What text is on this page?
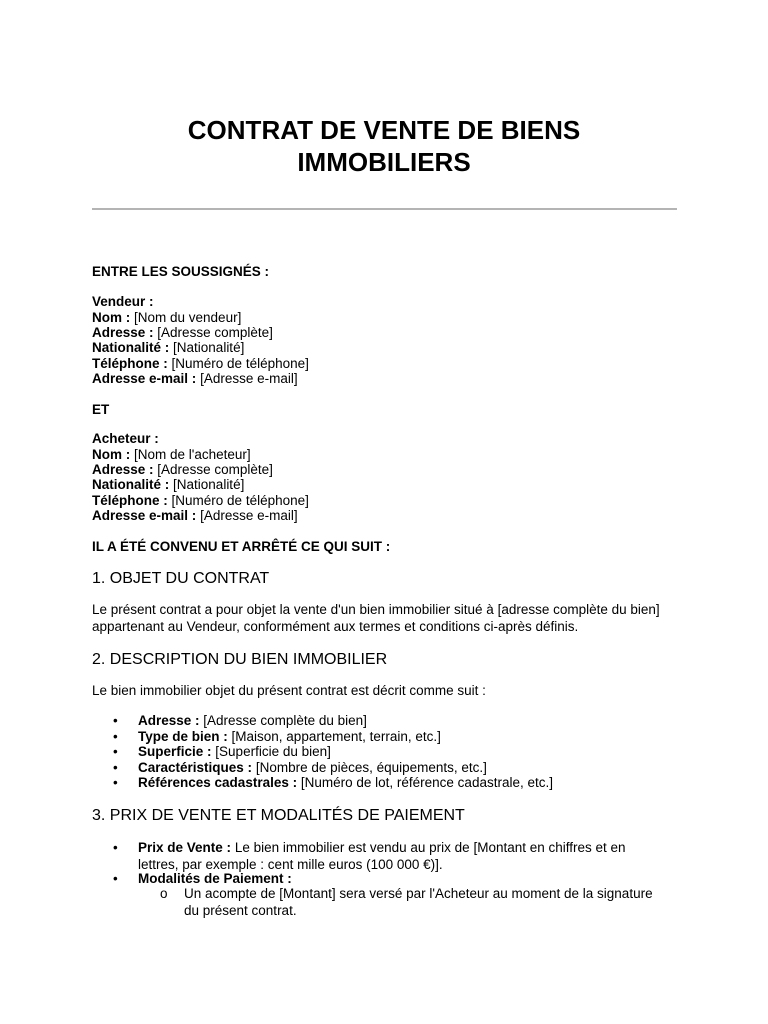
CONTRAT DE VENTE DE BIENS
IMMOBILIERS
ENTRE LES SOUSSIGNÉS :
Vendeur :
Nom : [Nom du vendeur]
Adresse : [Adresse complète]
Nationalité : [Nationalité]
Téléphone : [Numéro de téléphone]
Adresse e-mail : [Adresse e-mail]
ET
Acheteur :
Nom : [Nom de l'acheteur]
Adresse : [Adresse complète]
Nationalité : [Nationalité]
Téléphone : [Numéro de téléphone]
Adresse e-mail : [Adresse e-mail]
IL A ÉTÉ CONVENU ET ARRÊTÉ CE QUI SUIT :
1. OBJET DU CONTRAT

Le présent contrat a pour objet la vente d'un bien immobilier situé à [adresse complète du bien] appartenant au Vendeur, conformément aux termes et conditions ci-après définis.

2. DESCRIPTION DU BIEN IMMOBILIER

Le bien immobilier objet du présent contrat est décrit comme suit :

• Adresse : [Adresse complète du bien]
• Type de bien : [Maison, appartement, terrain, etc.]
• Superficie : [Superficie du bien]
• Caractéristiques : [Nombre de pièces, équipements, etc.]
• Références cadastrales : [Numéro de lot, référence cadastrale, etc.]
3. PRIX DE VENTE ET MODALITÉS DE PAIEMENT
• Prix de Vente : Le bien immobilier est vendu au prix de [Montant en chiffres et en lettres, par exemple : cent mille euros (100 000 €)].
• Modalités de Paiement :
o Un acompte de [Montant] sera versé par l'Acheteur au moment de la signature du présent contrat.
